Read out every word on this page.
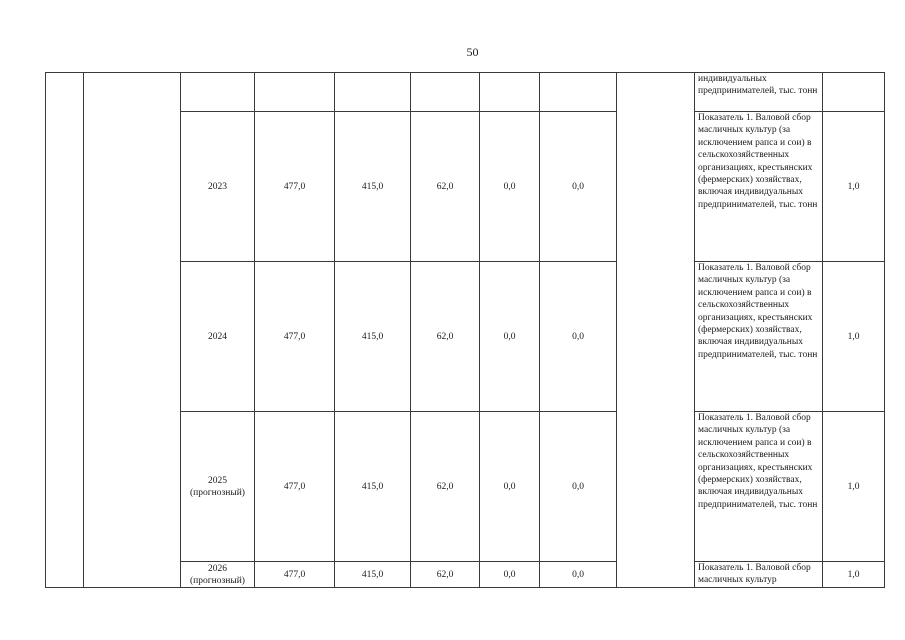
50

									индивидуальных предпринимателей, тыс. тонн	

		2023	477,0	415,0	62,0	0,0	0,0		Показатель 1. Валовой сбор масличных культур (за исключением рапса и сои) в сельскохозяйственных организациях, крестьянских (фермерских) хозяйствах, включая индивидуальных предпринимателей, тыс. тонн	1,0
		2024	477,0	415,0	62,0	0,0	0,0		Показатель 1. Валовой сбор масличных культур (за исключением рапса и сои) в сельскохозяйственных организациях, крестьянских (фермерских) хозяйствах, включая индивидуальных предпринимателей, тыс. тонн	1,0

		2025
(прогнозный)	477,0	415,0	62,0	0,0	0,0		Показатель 1. Валовой сбор масличных культур (за исключением рапса и сои) в сельскохозяйственных организациях, крестьянских (фермерских) хозяйствах, включая индивидуальных предпринимателей, тыс. тонн	1,0

		2026
(прогнозный)	477,0	415,0	62,0	0,0	0,0		Показатель 1. Валовой сбор масличных культур	1,0
